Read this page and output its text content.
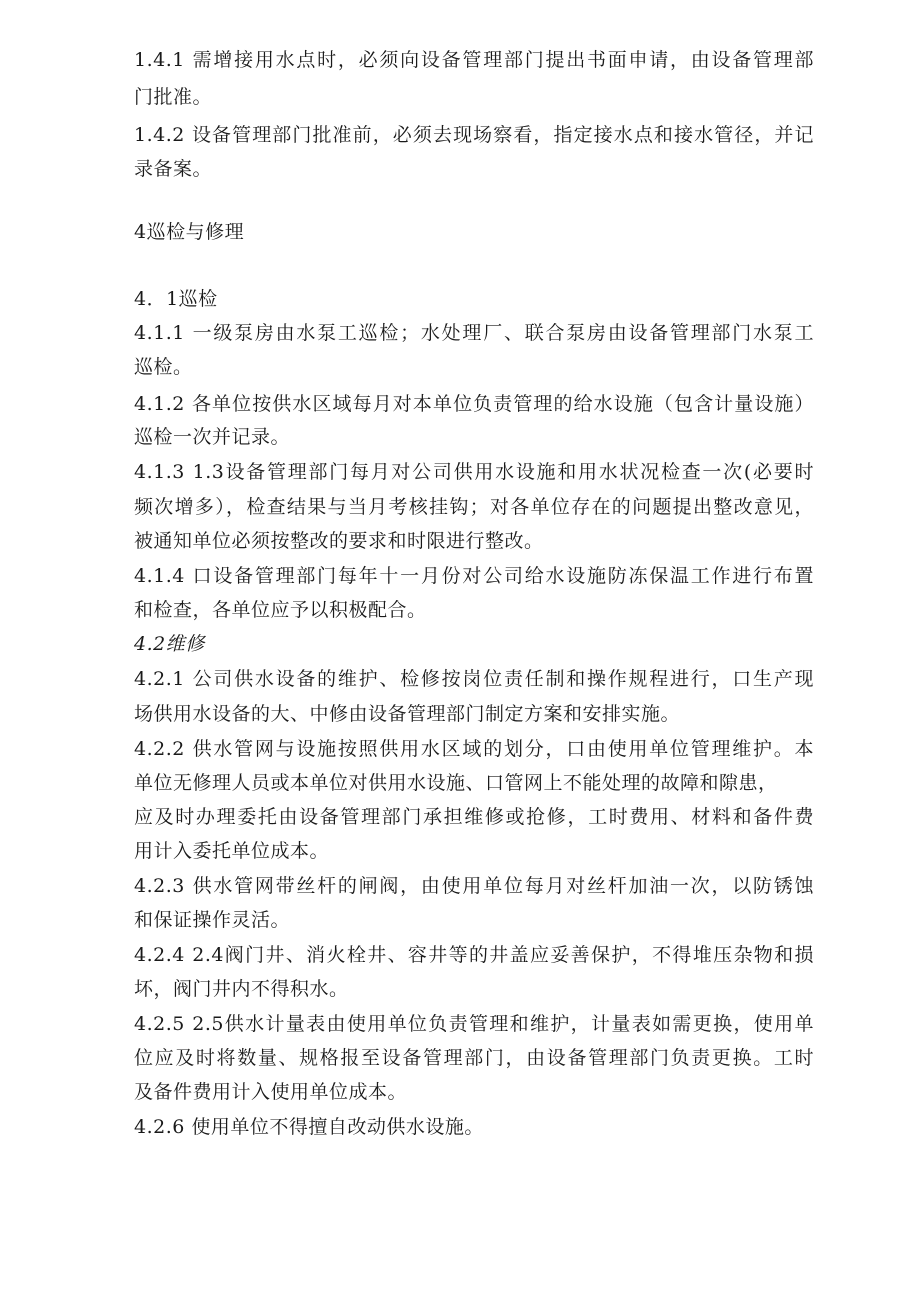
1.4.1 需增接用水点时，必须向设备管理部门提出书面申请，由设备管理部
门批准。
1.4.2 设备管理部门批准前，必须去现场察看，指定接水点和接水管径，并记
录备案。
4巡检与修理
4．1巡检
4.1.1 一级泵房由水泵工巡检；水处理厂、联合泵房由设备管理部门水泵工
巡检。
4.1.2 各单位按供水区域每月对本单位负责管理的给水设施（包含计量设施）
巡检一次并记录。
4.1.3 1.3设备管理部门每月对公司供用水设施和用水状况检查一次(必要时
频次增多），检查结果与当月考核挂钩；对各单位存在的问题提出整改意见，
被通知单位必须按整改的要求和时限进行整改。
4.1.4 口设备管理部门每年十一月份对公司给水设施防冻保温工作进行布置
和检查，各单位应予以积极配合。
4.2维修
4.2.1 公司供水设备的维护、检修按岗位责任制和操作规程进行，口生产现
场供用水设备的大、中修由设备管理部门制定方案和安排实施。
4.2.2 供水管网与设施按照供用水区域的划分，口由使用单位管理维护。本
单位无修理人员或本单位对供用水设施、口管网上不能处理的故障和隙患，
应及时办理委托由设备管理部门承担维修或抢修，工时费用、材料和备件费
用计入委托单位成本。
4.2.3 供水管网带丝杆的闸阀，由使用单位每月对丝杆加油一次，以防锈蚀
和保证操作灵活。
4.2.4 2.4阀门井、消火栓井、容井等的井盖应妥善保护，不得堆压杂物和损
坏，阀门井内不得积水。
4.2.5 2.5供水计量表由使用单位负责管理和维护，计量表如需更换，使用单
位应及时将数量、规格报至设备管理部门，由设备管理部门负责更换。工时
及备件费用计入使用单位成本。
4.2.6 使用单位不得擅自改动供水设施。
